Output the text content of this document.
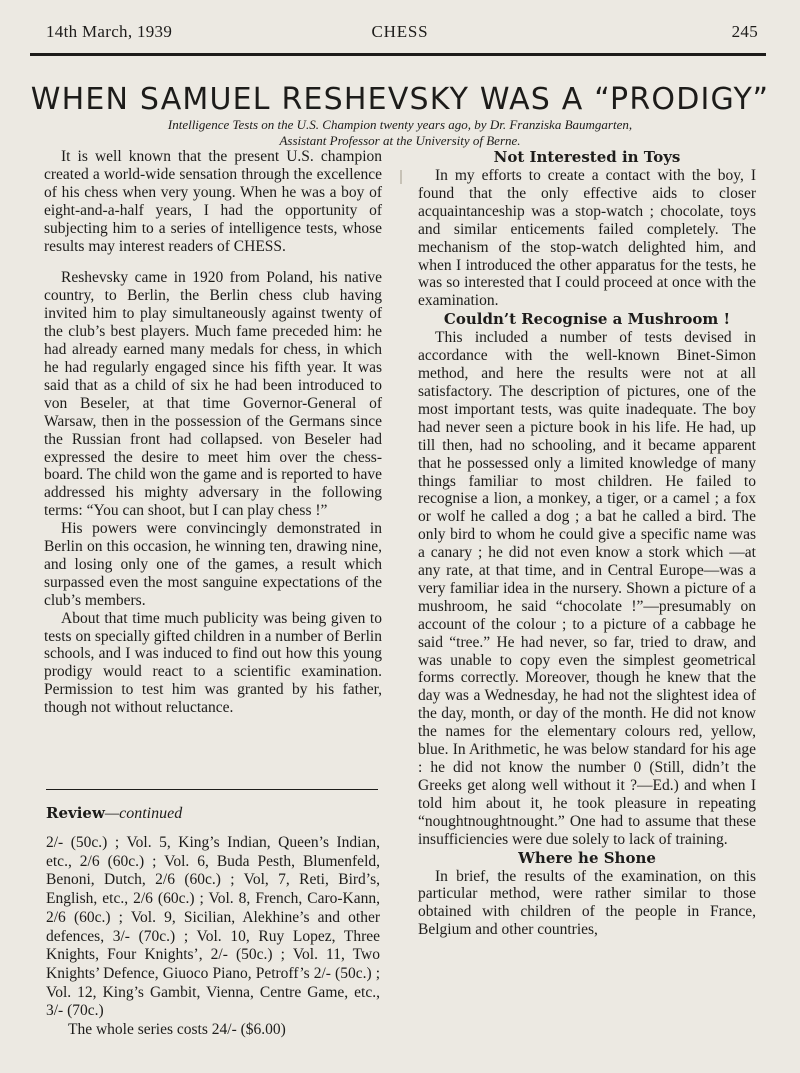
14th March, 1939	CHESS	245
WHEN SAMUEL RESHEVSKY WAS A “PRODIGY”
Intelligence Tests on the U.S. Champion twenty years ago, by Dr. Franziska Baumgarten,
Assistant Professor at the University of Berne.

It is well known that the present U.S. champion created a world-wide sensation through the excellence of his chess when very young. When he was a boy of eight-and-a-half years, I had the opportunity of subjecting him to a series of intelligence tests, whose results may interest readers of CHESS.

Reshevsky came in 1920 from Poland, his native country, to Berlin, the Berlin chess club having invited him to play simultaneously against twenty of the club’s best players. Much fame preceded him: he had already earned many medals for chess, in which he had regularly engaged since his fifth year. It was said that as a child of six he had been introduced to von Beseler, at that time Governor-General of Warsaw, then in the possession of the Germans since the Russian front had collapsed. von Beseler had expressed the desire to meet him over the chess-board. The child won the game and is reported to have addressed his mighty adversary in the following terms: “You can shoot, but I can play chess !”

His powers were convincingly demonstrated in Berlin on this occasion, he winning ten, drawing nine, and losing only one of the games, a result which surpassed even the most sanguine expectations of the club’s members.

About that time much publicity was being given to tests on specially gifted children in a number of Berlin schools, and I was induced to find out how this young prodigy would react to a scientific examination. Permission to test him was granted by his father, though not without reluctance.

Not Interested in Toys

In my efforts to create a contact with the boy, I found that the only effective aids to closer acquaintanceship was a stop-watch ; chocolate, toys and similar enticements failed completely. The mechanism of the stop-watch delighted him, and when I introduced the other apparatus for the tests, he was so interested that I could proceed at once with the examination.

Couldn’t Recognise a Mushroom !

This included a number of tests devised in accordance with the well-known Binet-Simon method, and here the results were not at all satisfactory. The description of pictures, one of the most important tests, was quite inadequate. The boy had never seen a picture book in his life. He had, up till then, had no schooling, and it became apparent that he possessed only a limited knowledge of many things familiar to most children. He failed to recognise a lion, a monkey, a tiger, or a camel ; a fox or wolf he called a dog ; a bat he called a bird. The only bird to whom he could give a specific name was a canary ; he did not even know a stork which —at any rate, at that time, and in Central Europe—was a very familiar idea in the nursery. Shown a picture of a mushroom, he said “chocolate !”—presumably on account of the colour ; to a picture of a cabbage he said “tree.” He had never, so far, tried to draw, and was unable to copy even the simplest geometrical forms correctly. Moreover, though he knew that the day was a Wednesday, he had not the slightest idea of the day, month, or day of the month. He did not know the names for the elementary colours red, yellow, blue. In Arithmetic, he was below standard for his age : he did not know the number 0 (Still, didn’t the Greeks get along well without it ?—Ed.) and when I told him about it, he took pleasure in repeating “noughtnoughtnought.” One had to assume that these insufficiencies were due solely to lack of training.

Where he Shone

In brief, the results of the examination, on this particular method, were rather similar to those obtained with children of the people in France, Belgium and other countries,

Review—continued

2/- (50c.) ; Vol. 5, King’s Indian, Queen’s Indian, etc., 2/6 (60c.) ; Vol. 6, Buda Pesth, Blumenfeld, Benoni, Dutch, 2/6 (60c.) ; Vol, 7, Reti, Bird’s, English, etc., 2/6 (60c.) ; Vol. 8, French, Caro-Kann, 2/6 (60c.) ; Vol. 9, Sicilian, Alekhine’s and other defences, 3/- (70c.) ; Vol. 10, Ruy Lopez, Three Knights, Four Knights’, 2/- (50c.) ; Vol. 11, Two Knights’ Defence, Giuoco Piano, Petroff’s 2/- (50c.) ; Vol. 12, King’s Gambit, Vienna, Centre Game, etc., 3/- (70c.)

The whole series costs 24/- ($6.00)
